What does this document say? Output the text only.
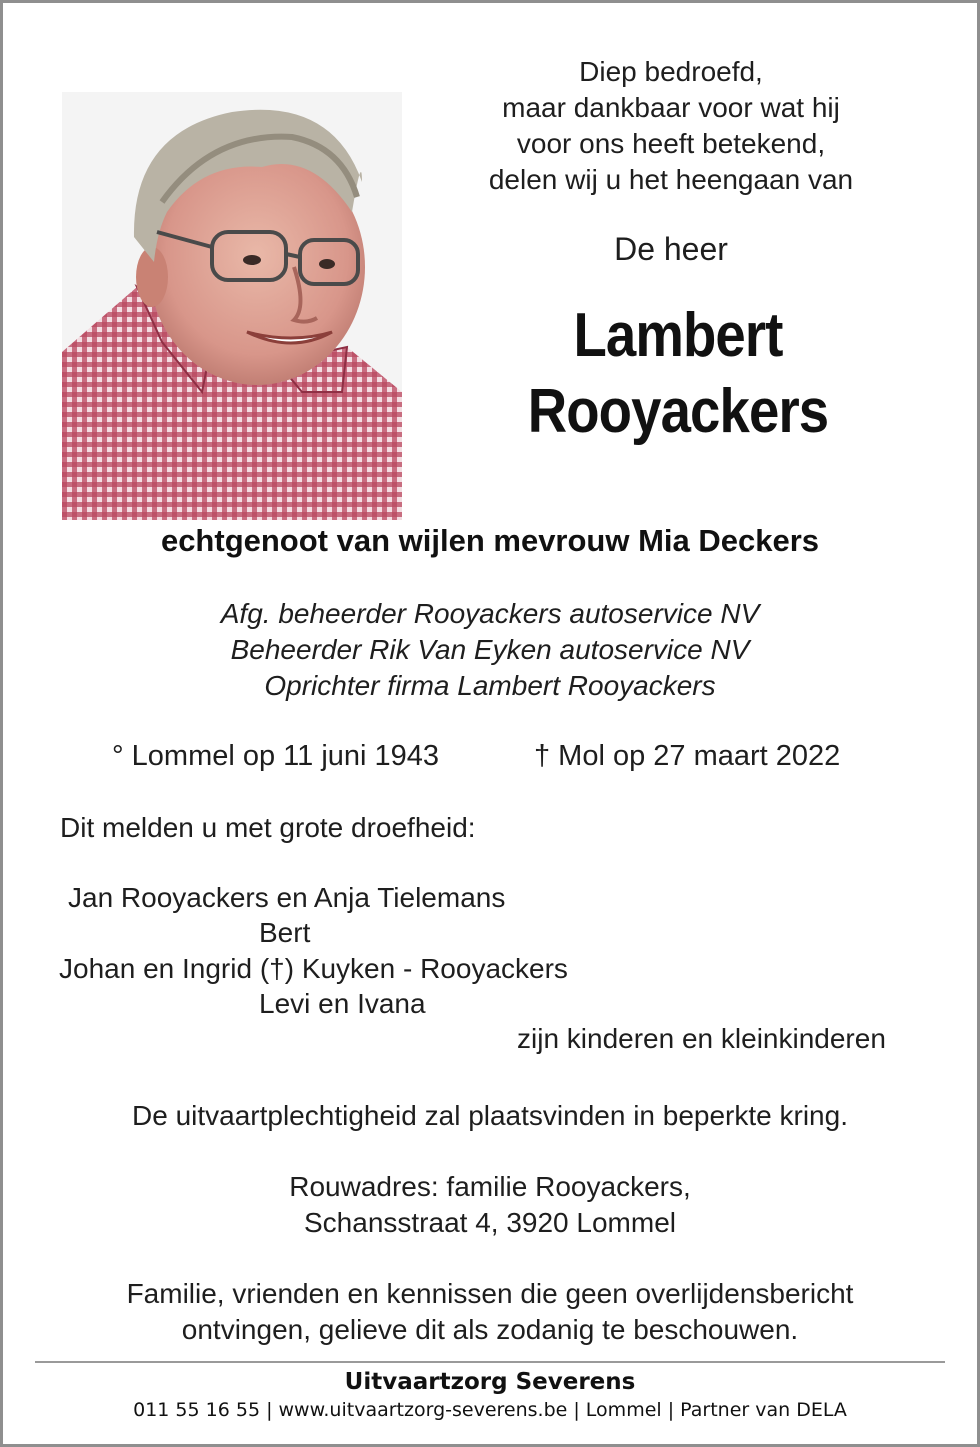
Diep bedroefd,
maar dankbaar voor wat hij
voor ons heeft betekend,
delen wij u het heengaan van
De heer
Lambert
Rooyackers
echtgenoot van wijlen mevrouw Mia Deckers
Afg. beheerder Rooyackers autoservice NV
Beheerder Rik Van Eyken autoservice NV
Oprichter firma Lambert Rooyackers
° Lommel op 11 juni 1943	† Mol op 27 maart 2022
Dit melden u met grote droefheid:
Jan Rooyackers en Anja Tielemans
Bert
Johan en Ingrid (†) Kuyken - Rooyackers
Levi en Ivana
zijn kinderen en kleinkinderen
De uitvaartplechtigheid zal plaatsvinden in beperkte kring.
Rouwadres: familie Rooyackers,
Schansstraat 4, 3920 Lommel
Familie, vrienden en kennissen die geen overlijdensbericht
ontvingen, gelieve dit als zodanig te beschouwen.
Uitvaartzorg Severens
011 55 16 55 | www.uitvaartzorg-severens.be | Lommel | Partner van DELA
